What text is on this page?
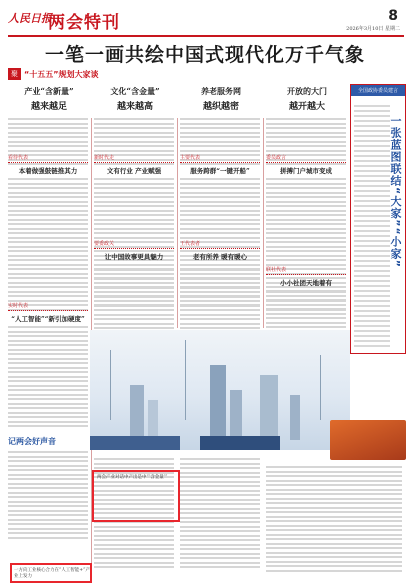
人民日报
两会特刊	8
2026年3月10日 星期二
一笔一画共绘中国式现代化万千气象
聚 “十五五”规划大家谈
产业“含新量”
越来越足
文化“含金量”
越来越高
养老服务网
越织越密
开放的大门
越开越大
全国政协委员建言
一张蓝图联结“大家”“小家”
看待代表
本着做强鼓链推其力
新时代走
文有行业 产业赋强
主要代表
服务跨群“一键开船”
委员政言
拼搏门户城市变成
实时代表
“人工智能”“新引加硬度”
要委政关
让中国故事更具魅力
王代表者
老有所养 暖有暖心
联社代表
小小社团天地着有
记两会好声音
两会产业对话中产出是中“‘含金量’”
一方向工业核心合力在“人工智能+”产业上发力
